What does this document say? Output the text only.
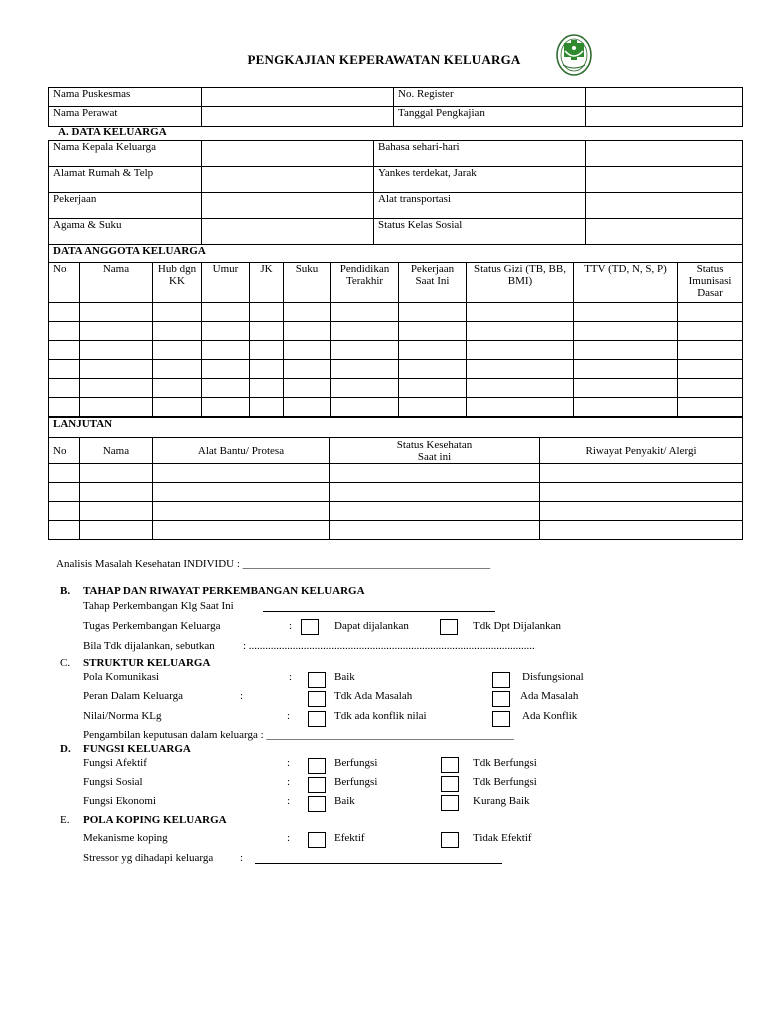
PENGKAJIAN KEPERAWATAN KELUARGA
Nama Puskesmas		No. Register	
Nama Perawat		Tanggal Pengkajian	
A. DATA KELUARGA
Nama Kepala Keluarga		Bahasa sehari-hari	
Alamat Rumah & Telp		Yankes terdekat, Jarak	
Pekerjaan		Alat transportasi	
Agama & Suku		Status Kelas Sosial	
DATA ANGGOTA KELUARGA										
No	Nama	Hub dgn KK	Umur	JK	Suku	Pendidikan Terakhir	Pekerjaan Saat Ini	Status Gizi (TB, BB, BMI)	TTV (TD, N, S, P)	Status Imunisasi Dasar

LANJUTAN				
No	Nama	Alat Bantu/ Protesa	Status Kesehatan Saat ini	Riwayat Penyakit/ Alergi

Analisis Masalah Kesehatan INDIVIDU : _____________________________________________
B. TAHAP DAN RIWAYAT PERKEMBANGAN KELUARGA
Tahap Perkembangan Klg Saat Ini
Tugas Perkembangan Keluarga	:	Dapat dijalankan	Tdk Dpt Dijalankan
Bila Tdk dijalankan, sebutkan	: ........................................................................................................
C. STRUKTUR KELUARGA
Pola Komunikasi	:	Baik	Disfungsional
Peran Dalam Keluarga	:	Tdk Ada Masalah	Ada Masalah
Nilai/Norma KLg	:	Tdk ada konflik nilai	Ada Konflik
Pengambilan keputusan dalam keluarga : _____________________________________________
D. FUNGSI KELUARGA
Fungsi Afektif	:	Berfungsi	Tdk Berfungsi
Fungsi Sosial	:	Berfungsi	Tdk Berfungsi
Fungsi Ekonomi	:	Baik	Kurang Baik
E. POLA KOPING KELUARGA
Mekanisme koping	:	Efektif	Tidak Efektif
Stressor yg dihadapi keluarga :
